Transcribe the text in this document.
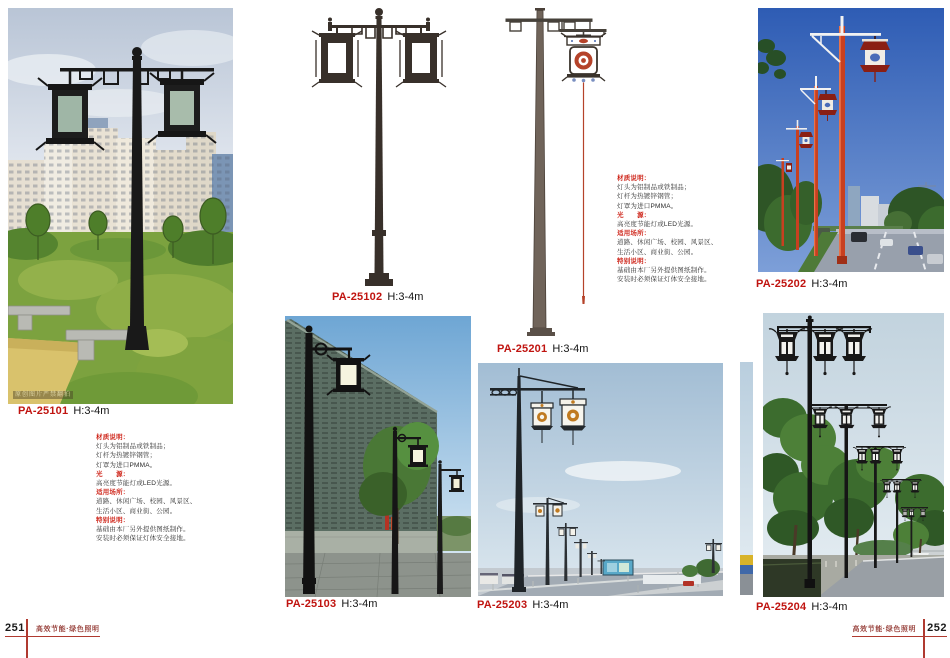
原创图片严禁翻拍
PA-25101 H:3-4m
材质说明：
灯头为铝制品或铁制品；
灯杆为热镀锌钢管；
灯罩为进口PMMA。
光　　源：
高亮度节能灯或LED光源。
适用场所：
道路、休闲广场、校园、风景区、
生活小区、商业街、公园。
特别说明：
基础由本厂另外提供图纸制作。
安装时必须保证灯体安全接地。
PA-25102 H:3-4m
PA-25103 H:3-4m
PA-25201 H:3-4m
材质说明：
灯头为铝制品或铁制品；
灯杆为热镀锌钢管；
灯罩为进口PMMA。
光　　源：
高亮度节能灯或LED光源。
适用场所：
道路、休闲广场、校园、风景区、
生活小区、商业街、公园。
特别说明：
基础由本厂另外提供图纸制作。
安装时必须保证灯体安全接地。	PA-25202 H:3-4m
PA-25203 H:3-4m	PA-25204 H:3-4m
251 高效节能·绿色照明	高效节能·绿色照明 252
